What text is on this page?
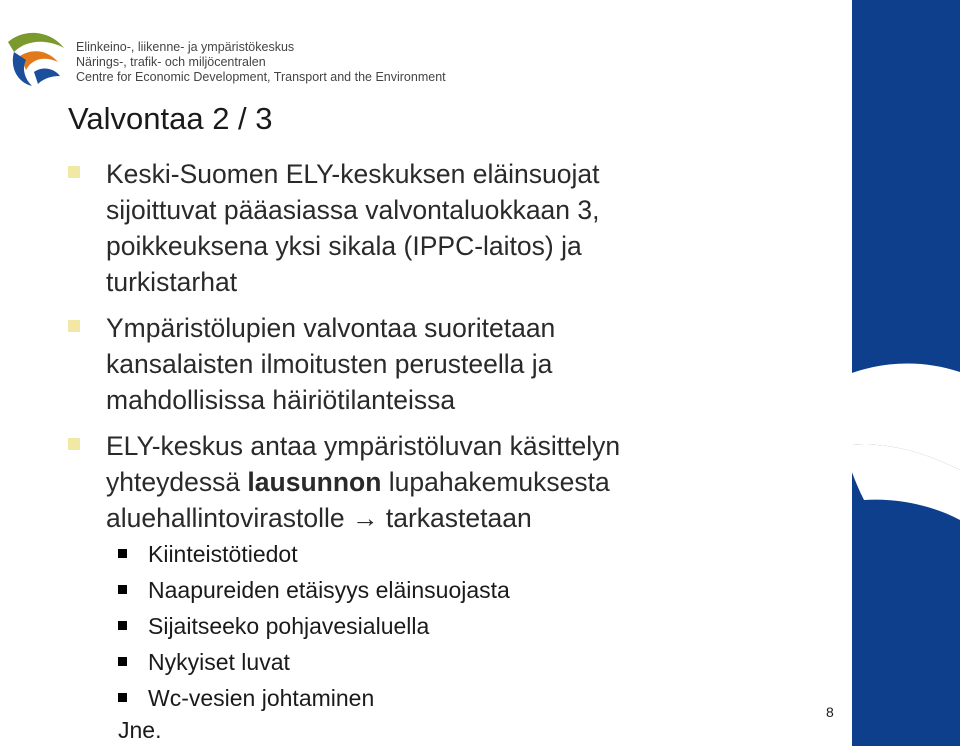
Elinkeino-, liikenne- ja ympäristökeskus
Närings-, trafik- och miljöcentralen
Centre for Economic Development, Transport and the Environment
8
Valvontaa 2 / 3
Keski-Suomen ELY-keskuksen eläinsuojat
sijoittuvat pääasiassa valvontaluokkaan 3,
poikkeuksena yksi sikala (IPPC-laitos) ja
turkistarhat
Ympäristölupien valvontaa suoritetaan
kansalaisten ilmoitusten perusteella ja
mahdollisissa häiriötilanteissa
ELY-keskus antaa ympäristöluvan käsittelyn
yhteydessä lausunnon lupahakemuksesta
aluehallintovirastolle → tarkastetaan
Kiinteistötiedot
Naapureiden etäisyys eläinsuojasta
Sijaitseeko pohjavesialuella
Nykyiset luvat
Wc-vesien johtaminen
Jne.
